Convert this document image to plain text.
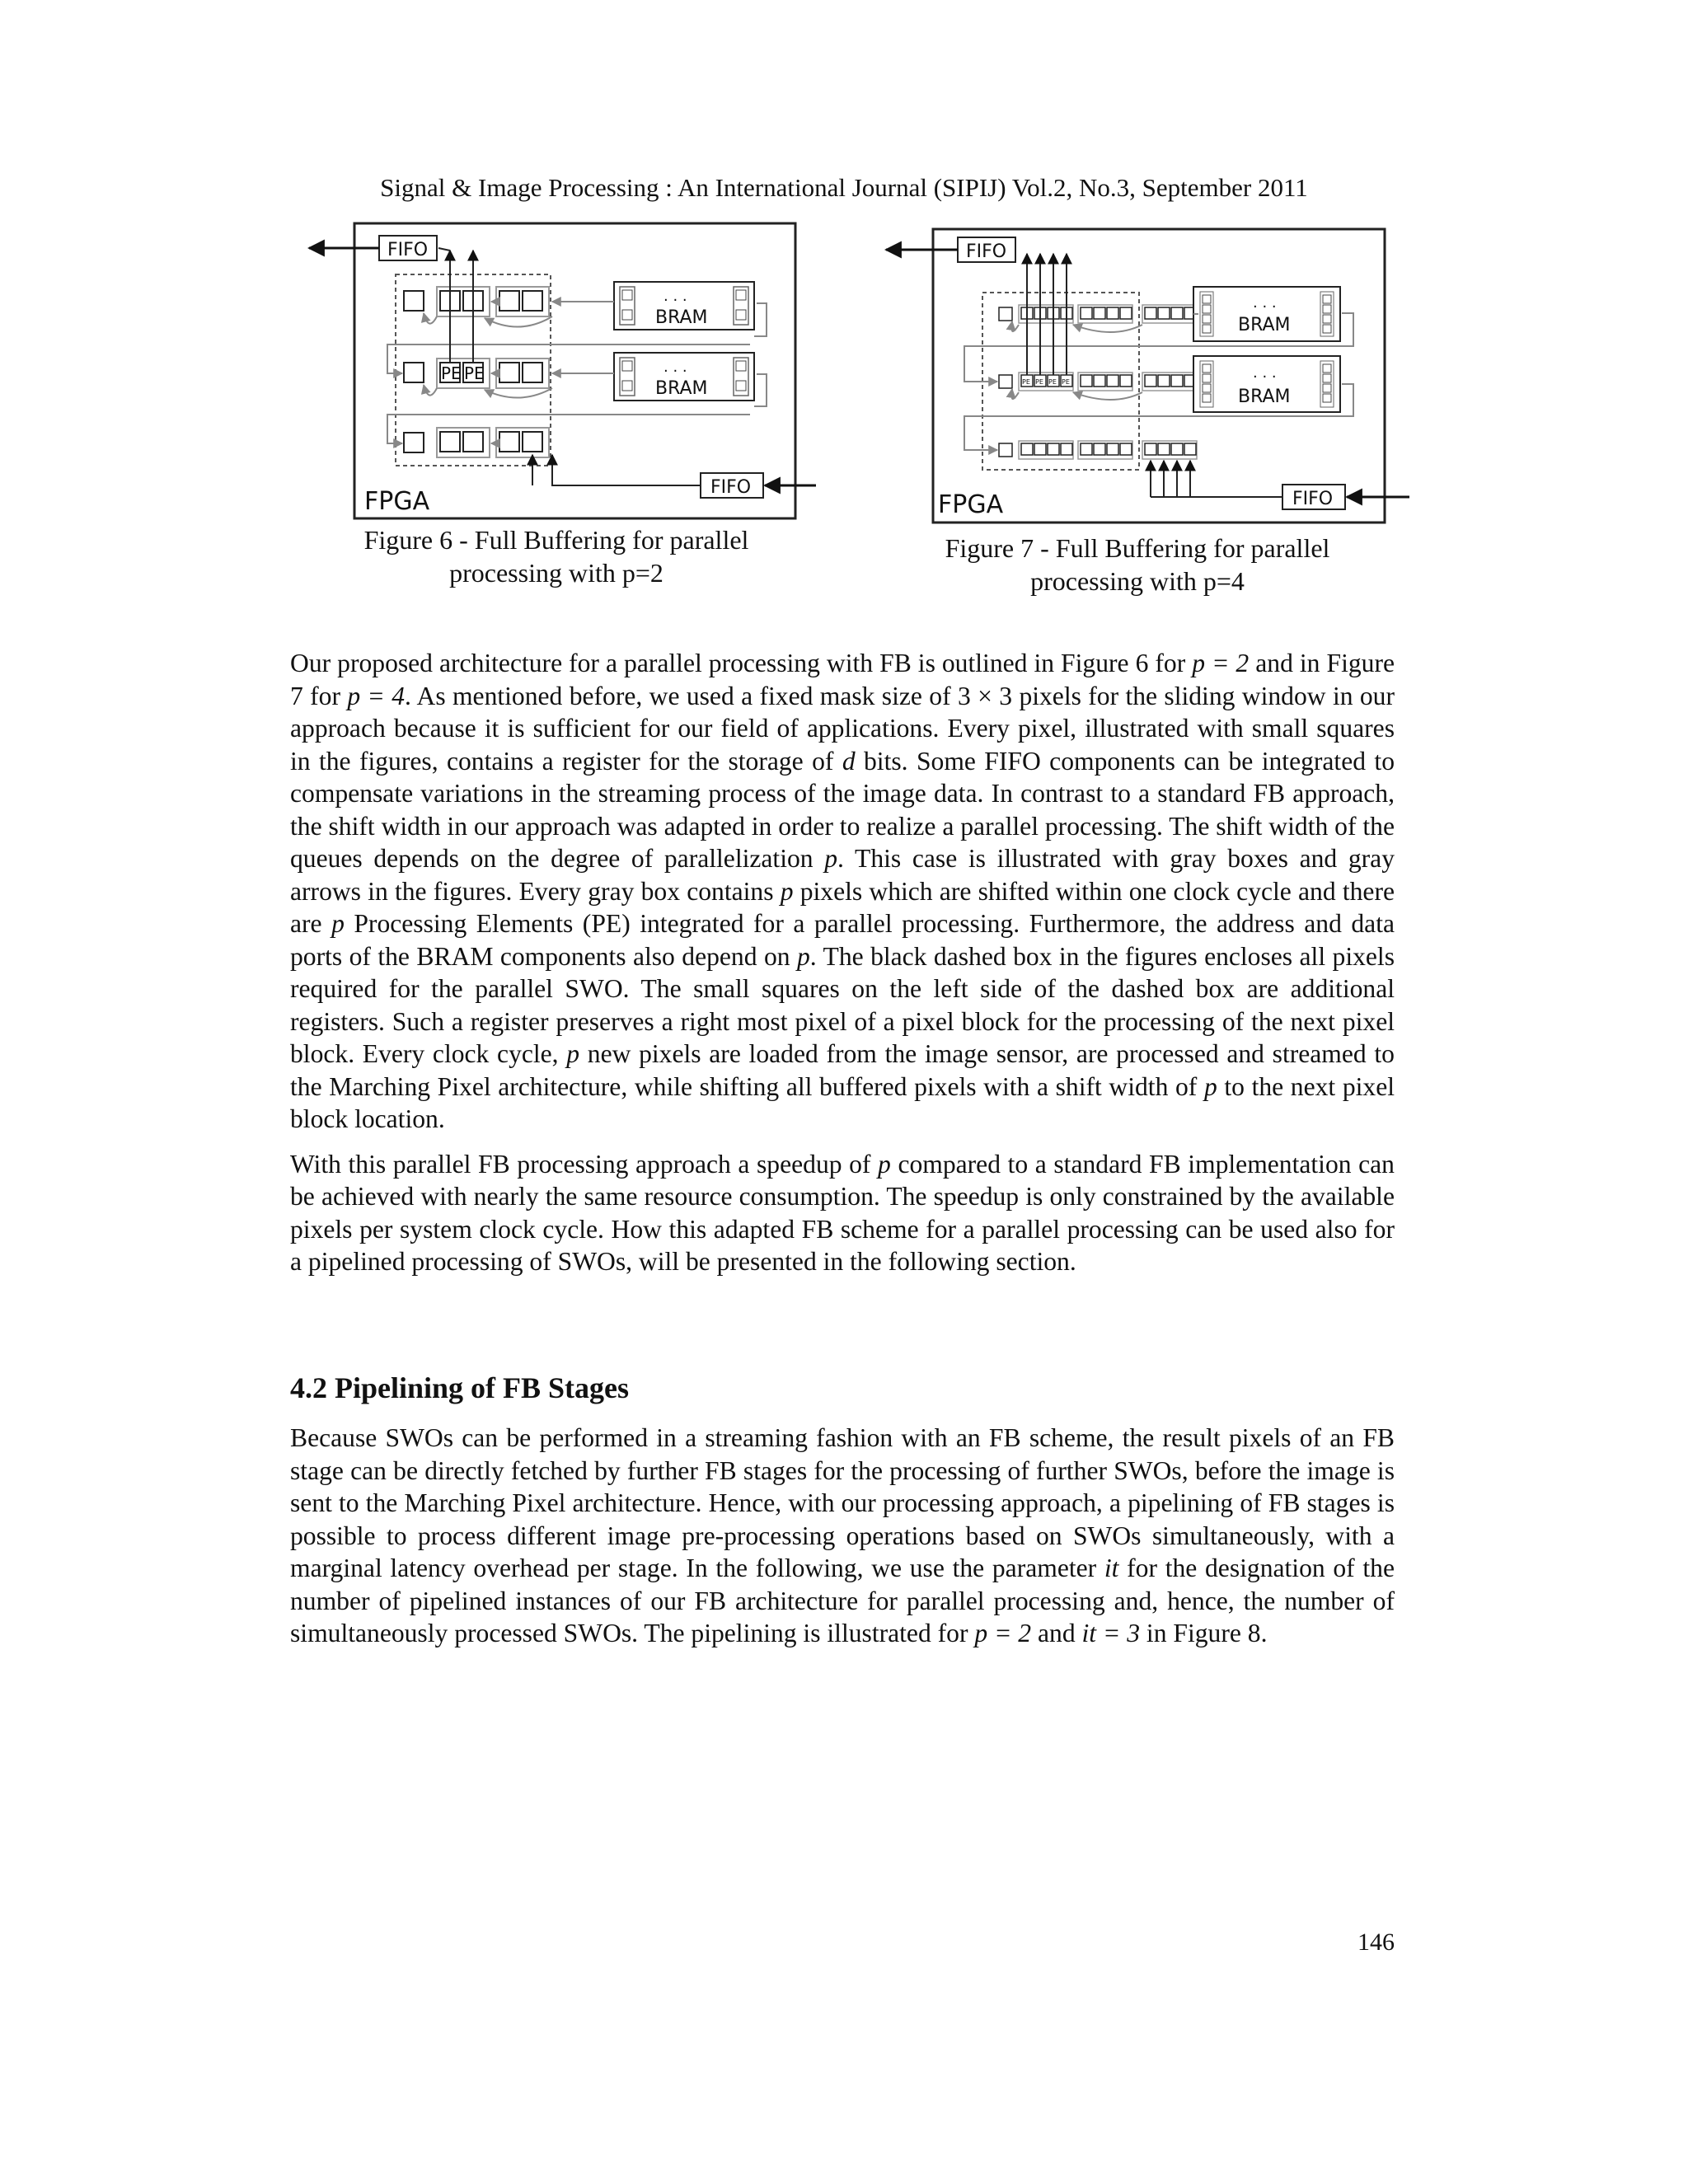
Signal & Image Processing : An International Journal (SIPIJ) Vol.2, No.3, September 2011
FPGA
FIFO
PE PE
. . .
BRAM
. . .
BRAM
FIFO
Figure 6 - Full Buffering for parallel
processing with p=2
FPGA
FIFO
PE PE PE PE
. . .
BRAM
. . .
BRAM
FIFO
Figure 7 - Full Buffering for parallel
processing with p=4

Our proposed architecture for a parallel processing with FB is outlined in Figure 6 for p = 2 and in Figure 7 for p = 4. As mentioned before, we used a fixed mask size of 3 × 3 pixels for the sliding window in our approach because it is sufficient for our field of applications. Every pixel, illustrated with small squares in the figures, contains a register for the storage of d bits. Some FIFO components can be integrated to compensate variations in the streaming process of the image data. In contrast to a standard FB approach, the shift width in our approach was adapted in order to realize a parallel processing. The shift width of the queues depends on the degree of parallelization p. This case is illustrated with gray boxes and gray arrows in the figures. Every gray box contains p pixels which are shifted within one clock cycle and there are p Processing Elements (PE) integrated for a parallel processing. Furthermore, the address and data ports of the BRAM components also depend on p. The black dashed box in the figures encloses all pixels required for the parallel SWO. The small squares on the left side of the dashed box are additional registers. Such a register preserves a right most pixel of a pixel block for the processing of the next pixel block. Every clock cycle, p new pixels are loaded from the image sensor, are processed and streamed to the Marching Pixel architecture, while shifting all buffered pixels with a shift width of p to the next pixel block location.

With this parallel FB processing approach a speedup of p compared to a standard FB implementation can be achieved with nearly the same resource consumption. The speedup is only constrained by the available pixels per system clock cycle. How this adapted FB scheme for a parallel processing can be used also for a pipelined processing of SWOs, will be presented in the following section.

4.2 Pipelining of FB Stages

Because SWOs can be performed in a streaming fashion with an FB scheme, the result pixels of an FB stage can be directly fetched by further FB stages for the processing of further SWOs, before the image is sent to the Marching Pixel architecture. Hence, with our processing approach, a pipelining of FB stages is possible to process different image pre-processing operations based on SWOs simultaneously, with a marginal latency overhead per stage. In the following, we use the parameter it for the designation of the number of pipelined instances of our FB architecture for parallel processing and, hence, the number of simultaneously processed SWOs. The pipelining is illustrated for p = 2 and it = 3 in Figure 8.

146
